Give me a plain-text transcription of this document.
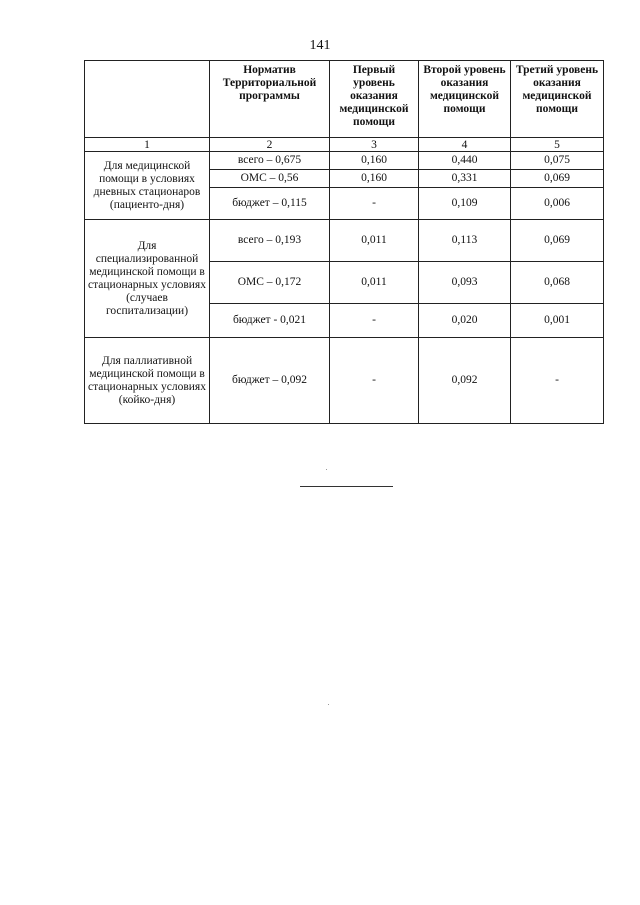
141
	Норматив Территориальной программы	Первый уровень оказания медицинской помощи	Второй уровень оказания медицинской помощи	Третий уровень оказания медицинской помощи
1	2	3	4	5
Для медицинской помощи в условиях дневных стационаров (пациенто-дня)	всего – 0,675	0,160	0,440	0,075
	ОМС – 0,56	0,160	0,331	0,069
	бюджет – 0,115	-	0,109	0,006
Для специализированной медицинской помощи в стационарных условиях (случаев госпитализации)	всего – 0,193	0,011	0,113	0,069
	ОМС – 0,172	0,011	0,093	0,068
	бюджет - 0,021	-	0,020	0,001
Для паллиативной медицинской помощи в стационарных условиях (койко-дня)	бюджет – 0,092	-	0,092	-
